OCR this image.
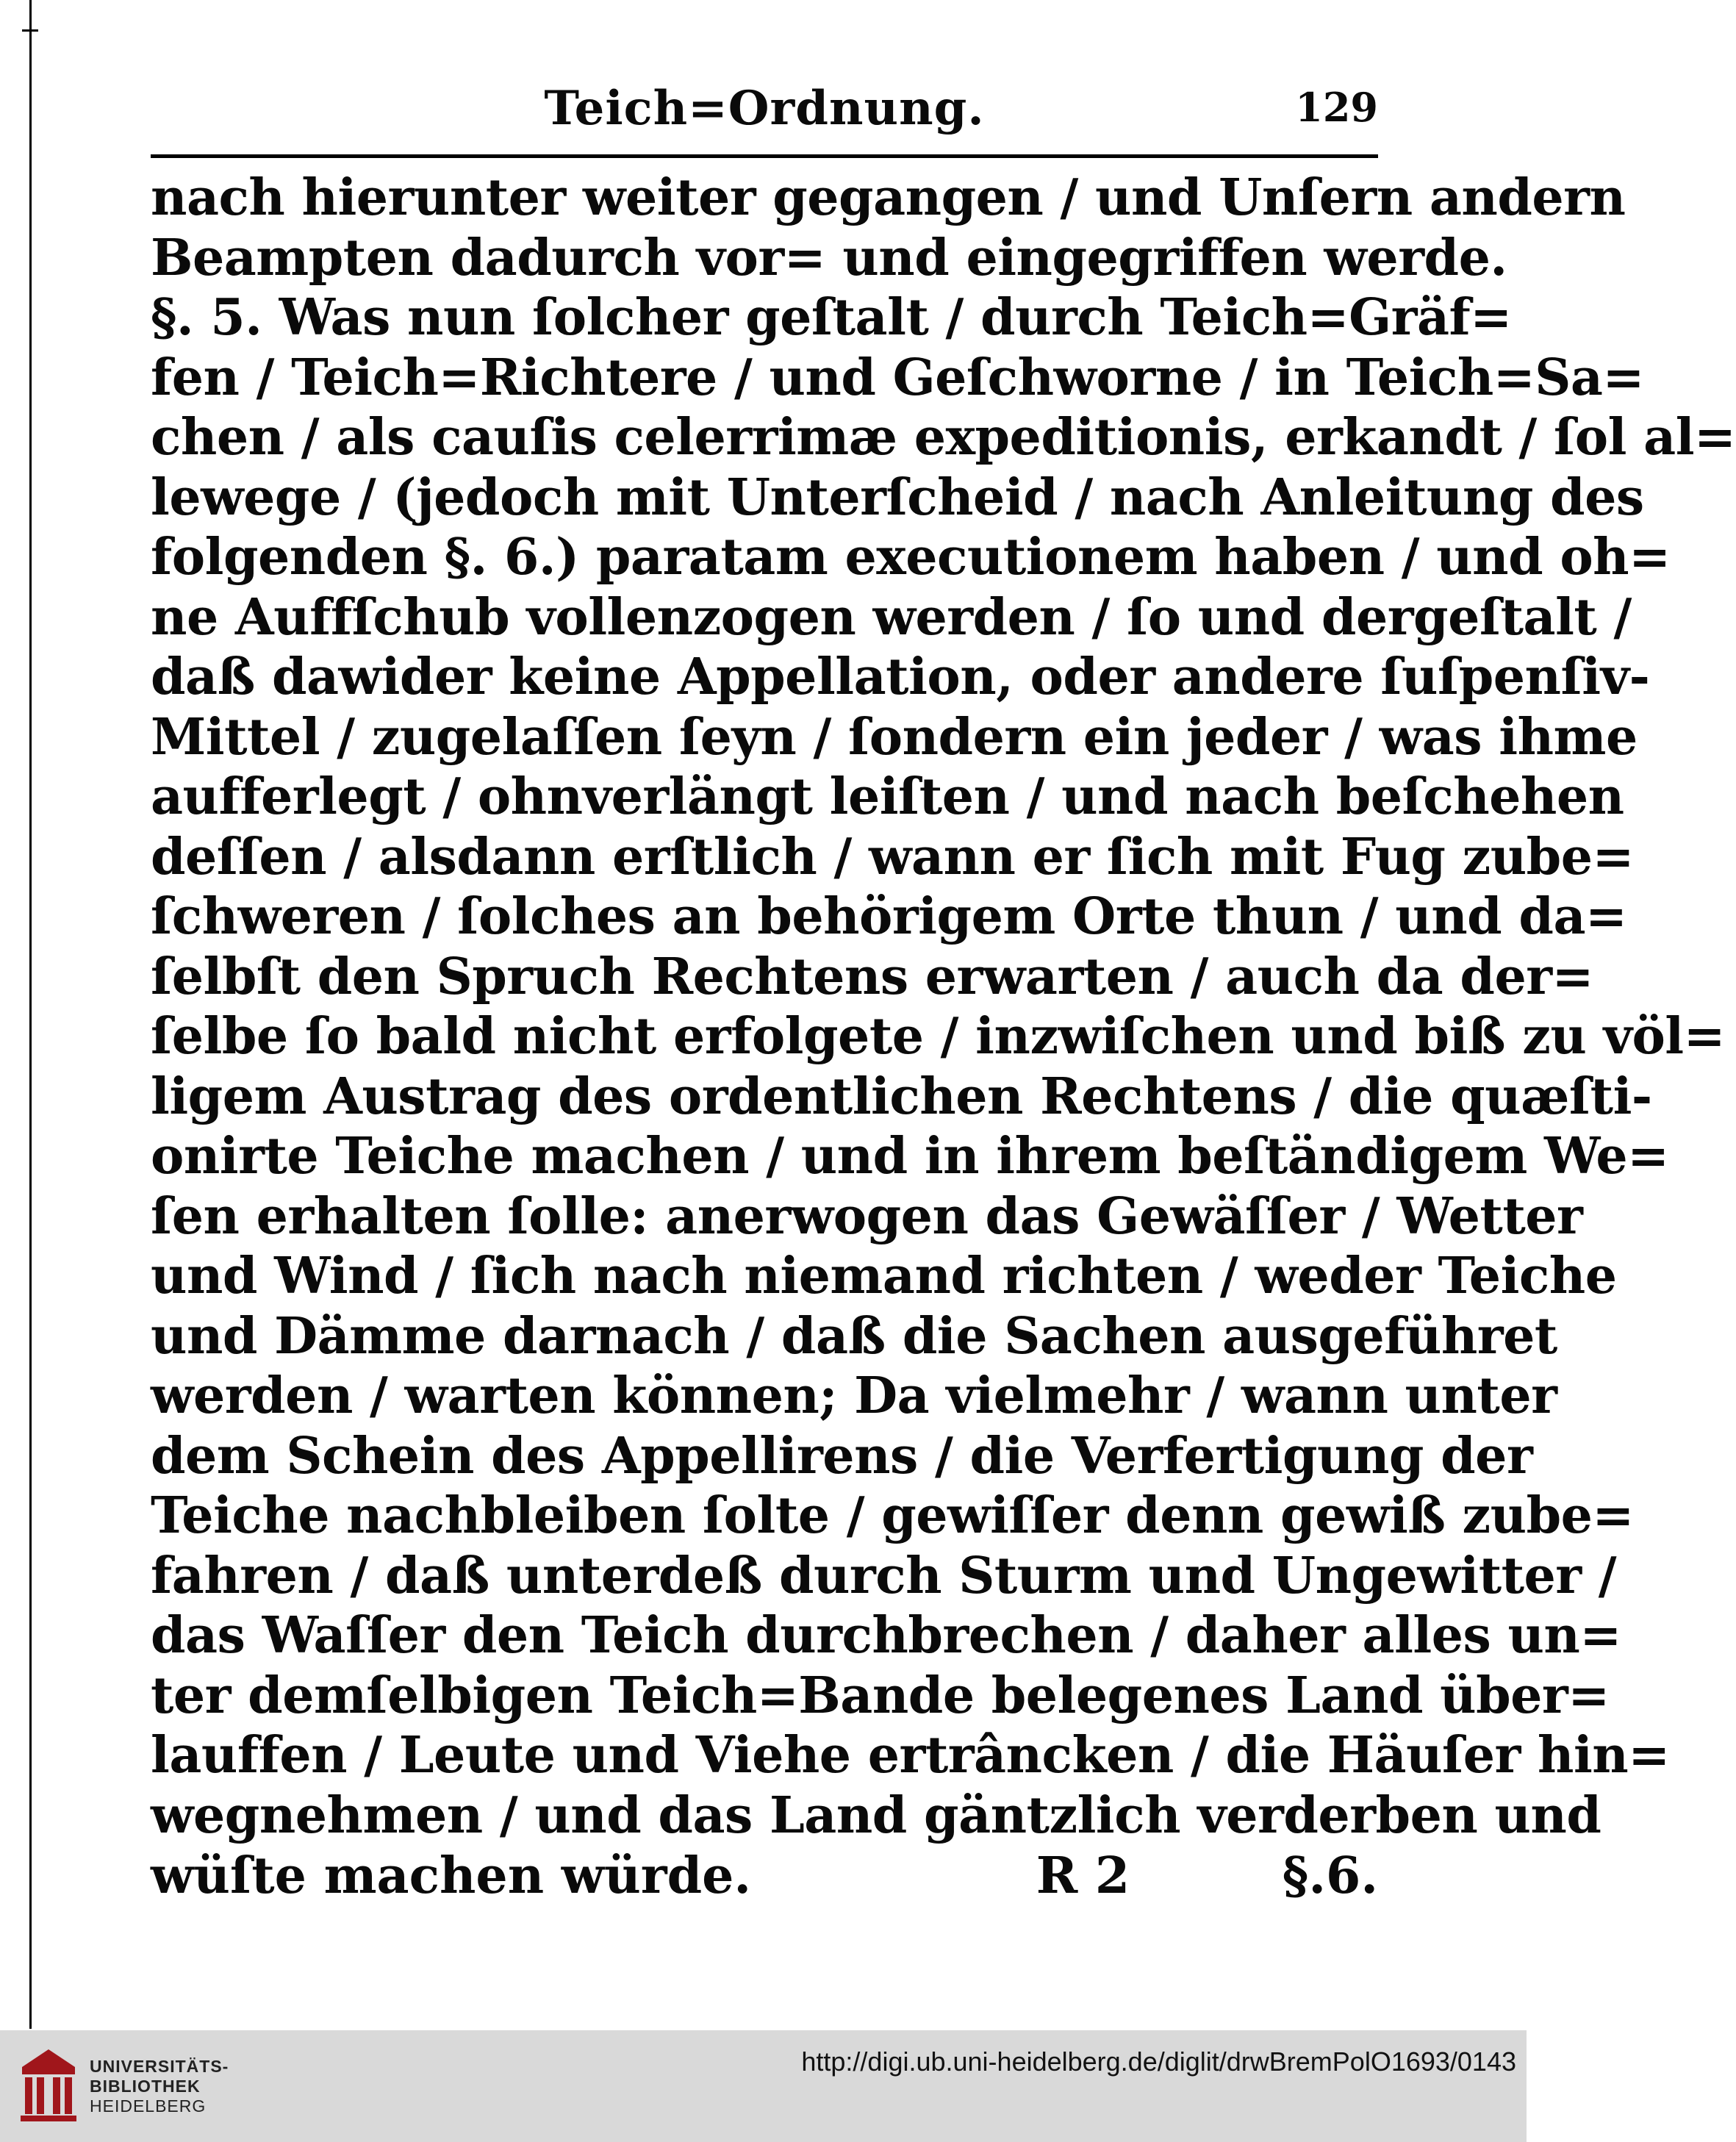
Teich=Ordnung.	129
nach hierunter weiter gegangen / und Unſern andern
Beampten dadurch vor= und eingegriffen werde.
§. 5. Was nun ſolcher geſtalt / durch Teich=Gräf=
fen / Teich=Richtere / und Geſchworne / in Teich=Sa=
chen / als cauſis celerrimæ expeditionis, erkandt / ſol al=
lewege / (jedoch mit Unterſcheid / nach Anleitung des
folgenden §. 6.) paratam executionem haben / und oh=
ne Auffſchub vollenzogen werden / ſo und dergeſtalt /
daß dawider keine Appellation, oder andere ſuſpenſiv-
Mittel / zugelaſſen ſeyn / ſondern ein jeder / was ihme
aufferlegt / ohnverlängt leiſten / und nach beſchehen
deſſen / alsdann erſtlich / wann er ſich mit Fug zube=
ſchweren / ſolches an behörigem Orte thun / und da=
ſelbſt den Spruch Rechtens erwarten / auch da der=
ſelbe ſo bald nicht erfolgete / inzwiſchen und biß zu völ=
ligem Austrag des ordentlichen Rechtens / die quæſti-
onirte Teiche machen / und in ihrem beſtändigem We=
ſen erhalten ſolle: anerwogen das Gewäſſer / Wetter
und Wind / ſich nach niemand richten / weder Teiche
und Dämme darnach / daß die Sachen ausgeführet
werden / warten können; Da vielmehr / wann unter
dem Schein des Appellirens / die Verfertigung der
Teiche nachbleiben ſolte / gewiſſer denn gewiß zube=
fahren / daß unterdeß durch Sturm und Ungewitter /
das Waſſer den Teich durchbrechen / daher alles un=
ter demſelbigen Teich=Bande belegenes Land über=
lauffen / Leute und Viehe ertrâncken / die Häuſer hin=
wegnehmen / und das Land gäntzlich verderben und
wüſte machen würde.	R 2	§.6.
UNIVERSITÄTS-
BIBLIOTHEK
HEIDELBERG
http://digi.ub.uni-heidelberg.de/diglit/drwBremPolO1693/0143
